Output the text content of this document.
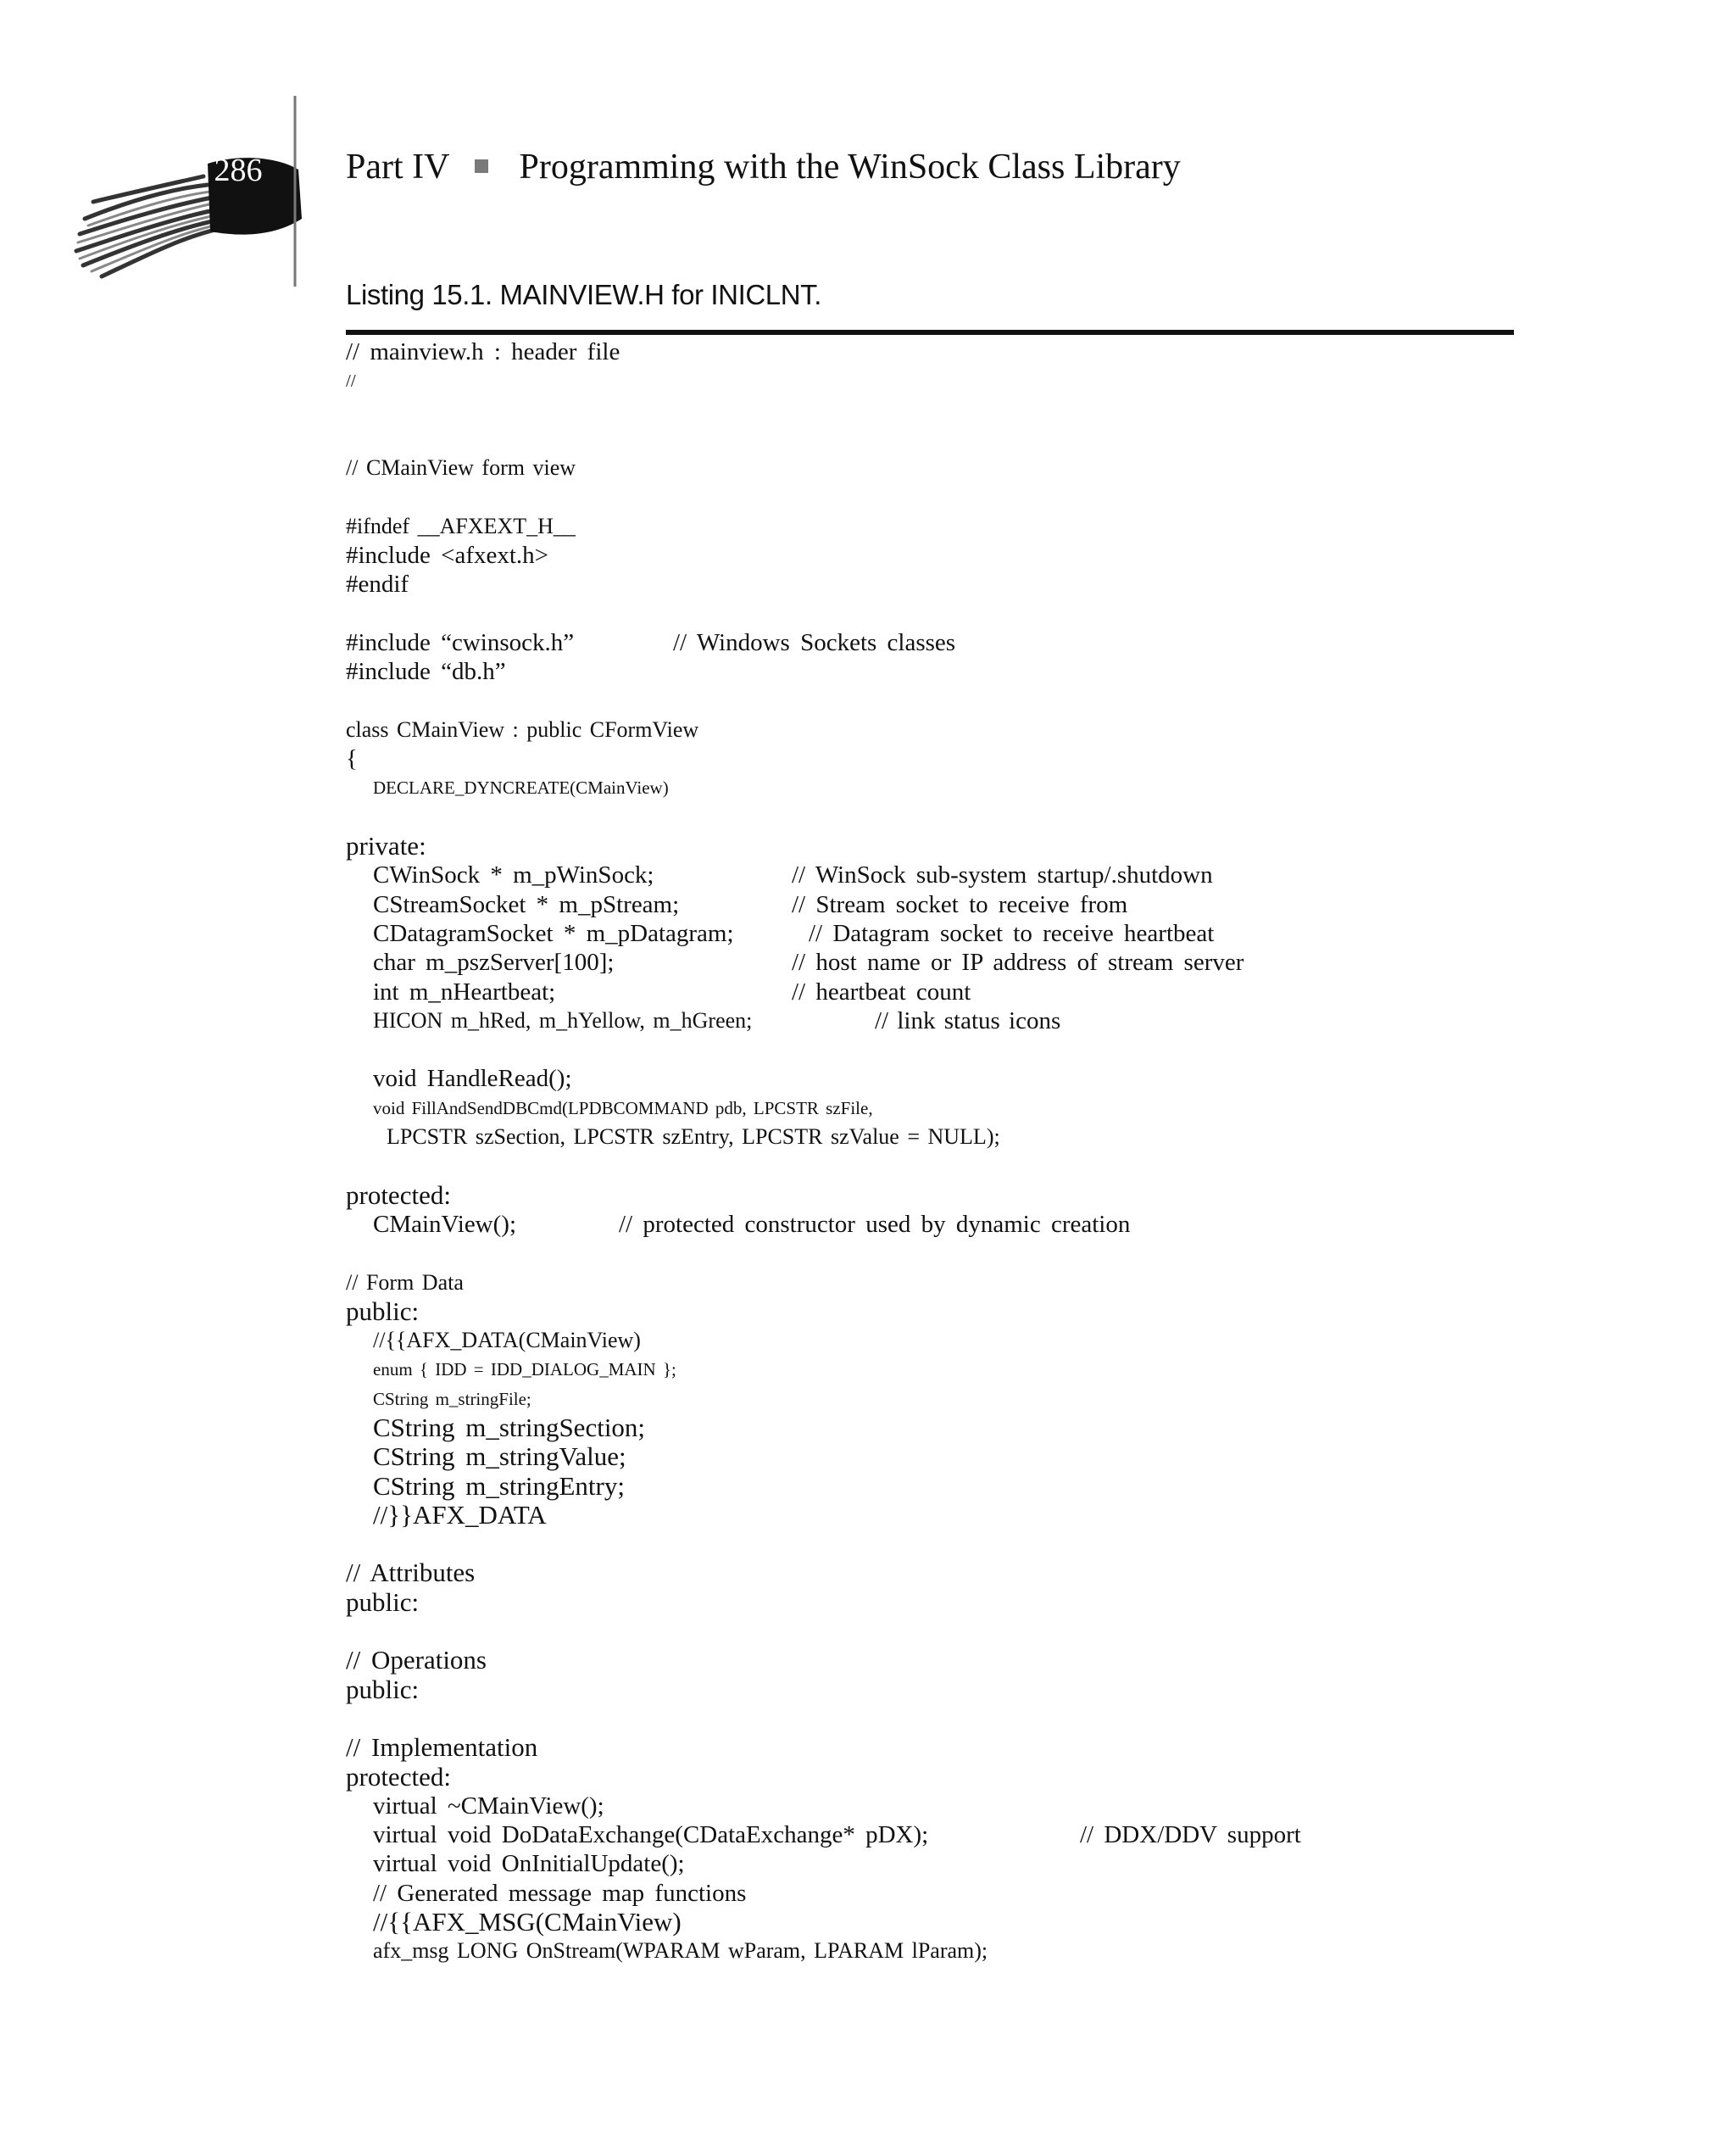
286 Part IV Programming with the WinSock Class Library
Listing 15.1. MAINVIEW.H for INICLNT.
// mainview.h : header file
//
// CMainView form view
#ifndef __AFXEXT_H__
#include <afxext.h>
#endif
#include “cwinsock.h”	// Windows Sockets classes
#include “db.h”
class CMainView : public CFormView
{
DECLARE_DYNCREATE(CMainView)
private:
CWinSock * m_pWinSock;	// WinSock sub-system startup/.shutdown
CStreamSocket * m_pStream;	// Stream socket to receive from
CDatagramSocket * m_pDatagram;	// Datagram socket to receive heartbeat
char m_pszServer[100];	// host name or IP address of stream server
int m_nHeartbeat;	// heartbeat count
HICON m_hRed, m_hYellow, m_hGreen;	// link status icons
void HandleRead();
void FillAndSendDBCmd(LPDBCOMMAND pdb, LPCSTR szFile,
LPCSTR szSection, LPCSTR szEntry, LPCSTR szValue = NULL);
protected:
CMainView();	// protected constructor used by dynamic creation
// Form Data
public:
//{{AFX_DATA(CMainView)
enum { IDD = IDD_DIALOG_MAIN };
CString m_stringFile;
CString m_stringSection;
CString m_stringValue;
CString m_stringEntry;
//}}AFX_DATA
// Attributes
public:
// Operations
public:
// Implementation
protected:
virtual ~CMainView();
virtual void DoDataExchange(CDataExchange* pDX);	// DDX/DDV support
virtual void OnInitialUpdate();
// Generated message map functions
//{{AFX_MSG(CMainView)
afx_msg LONG OnStream(WPARAM wParam, LPARAM lParam);
